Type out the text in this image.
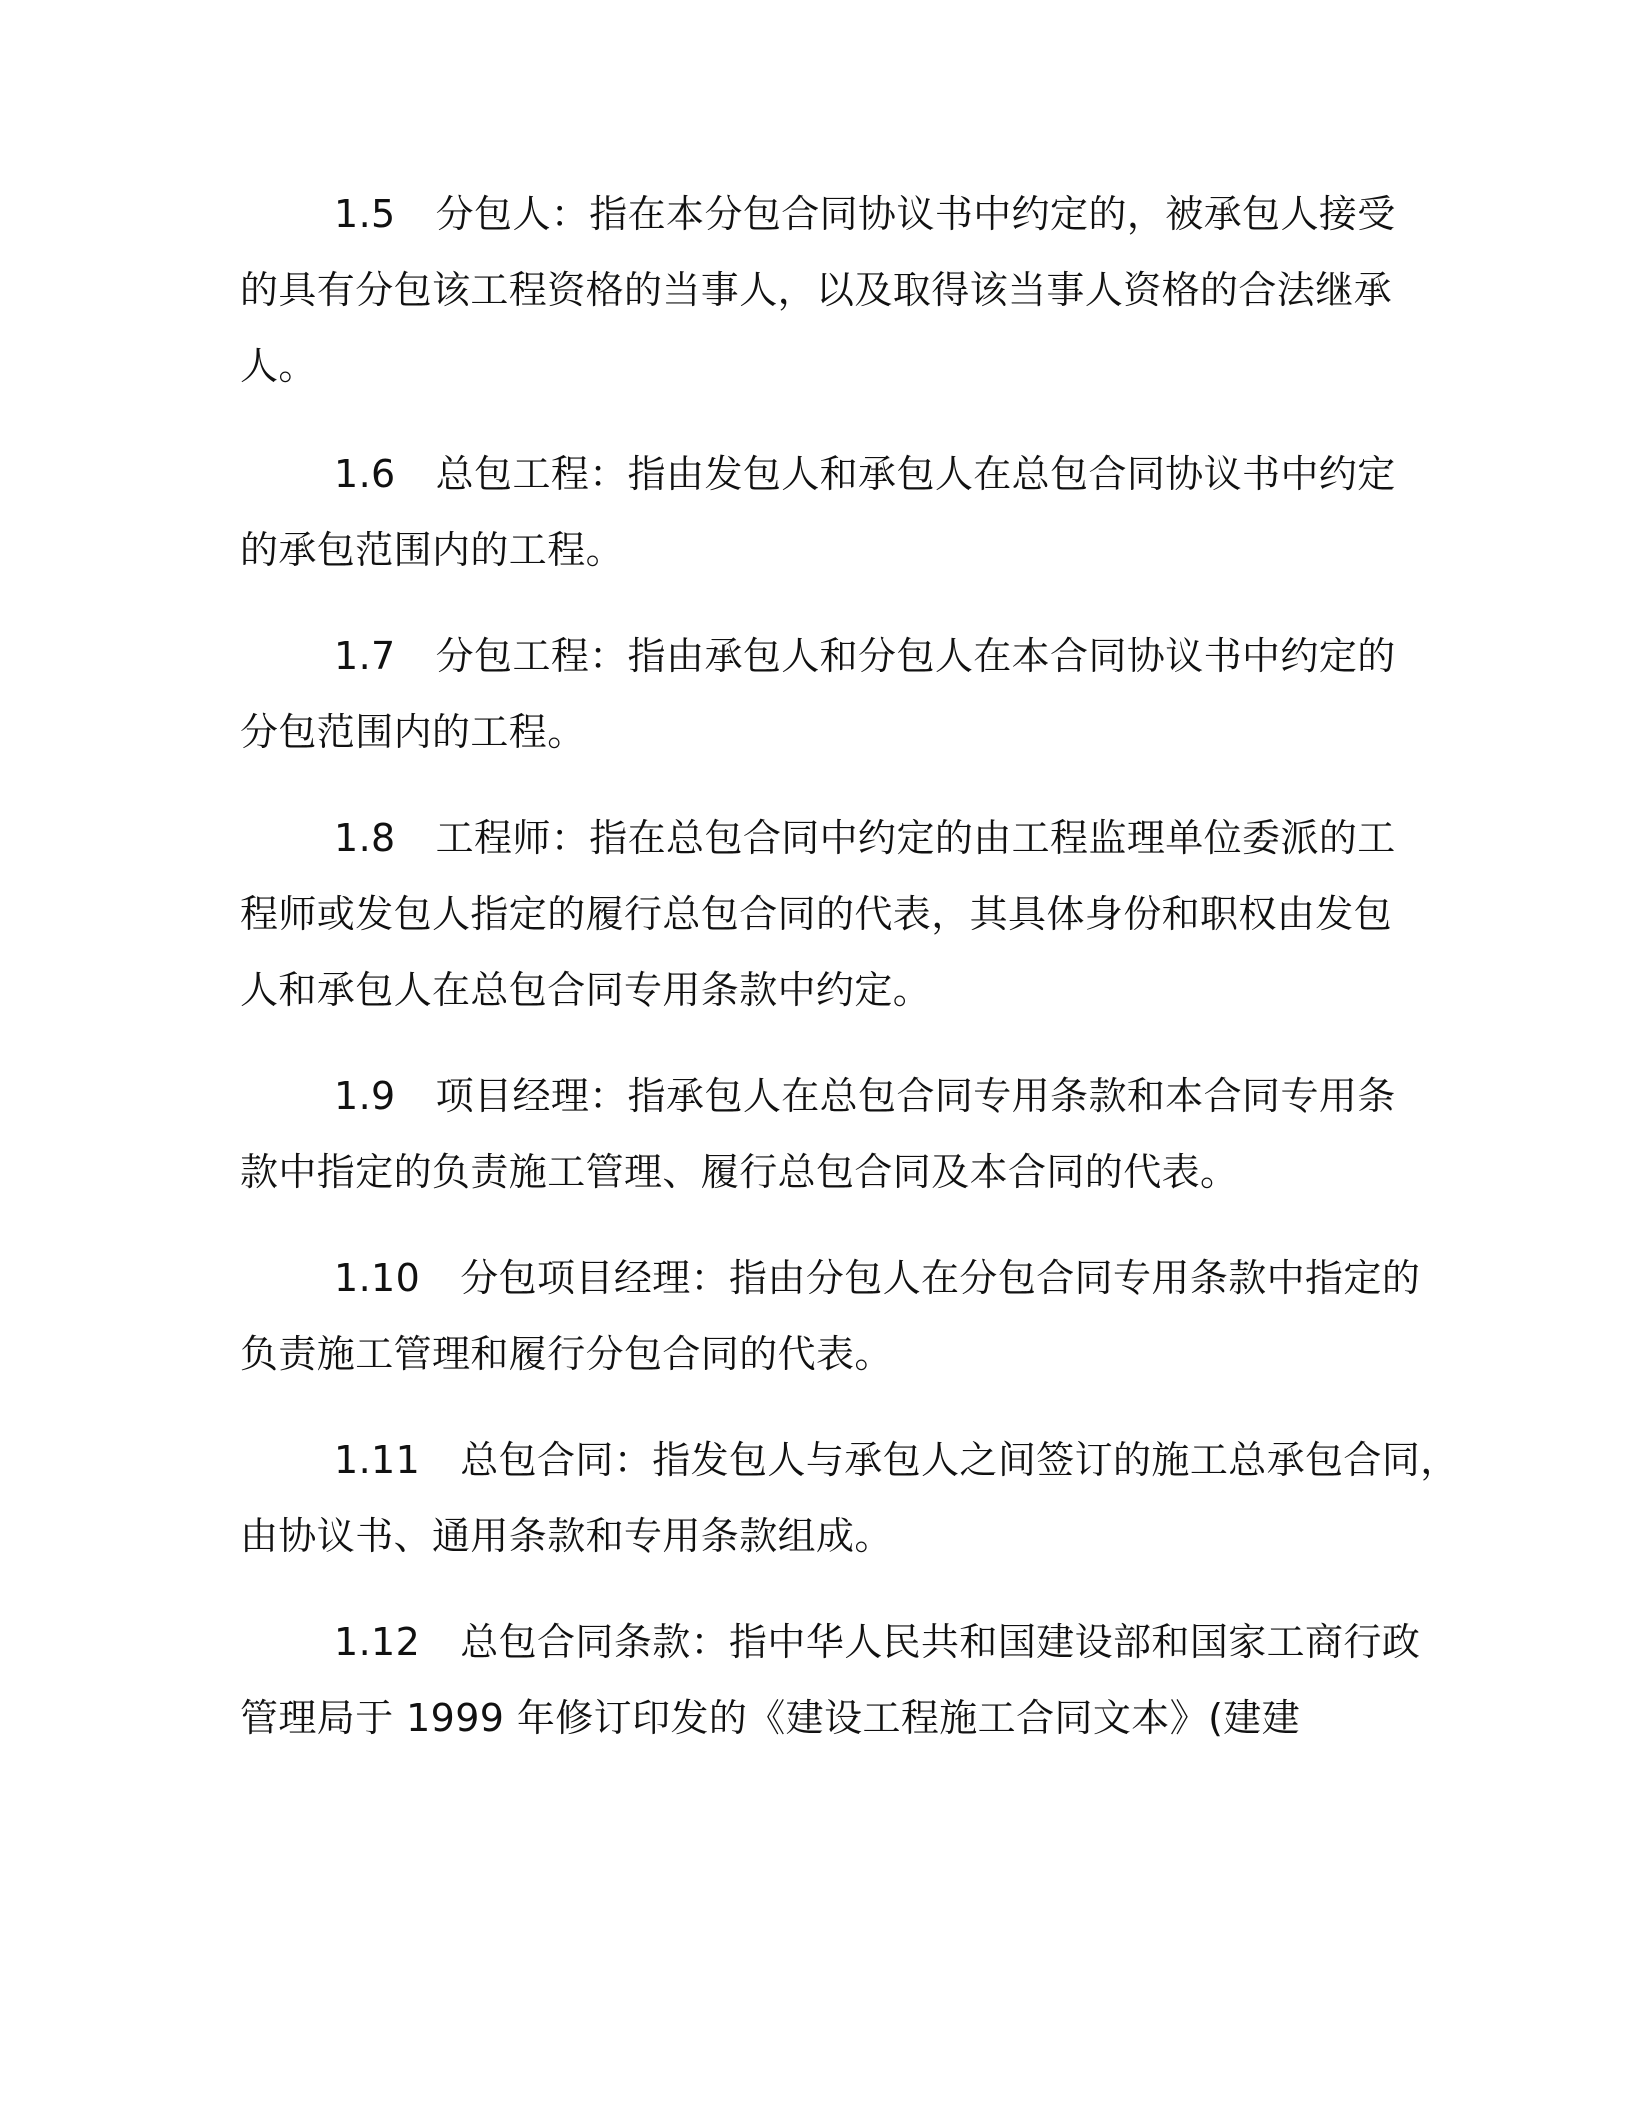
1.5 分包人：指在本分包合同协议书中约定的，被承包人接受
的具有分包该工程资格的当事人，以及取得该当事人资格的合法继承
人。
1.6 总包工程：指由发包人和承包人在总包合同协议书中约定
的承包范围内的工程。
1.7 分包工程：指由承包人和分包人在本合同协议书中约定的
分包范围内的工程。
1.8 工程师：指在总包合同中约定的由工程监理单位委派的工
程师或发包人指定的履行总包合同的代表，其具体身份和职权由发包
人和承包人在总包合同专用条款中约定。
1.9 项目经理：指承包人在总包合同专用条款和本合同专用条
款中指定的负责施工管理、履行总包合同及本合同的代表。
1.10 分包项目经理：指由分包人在分包合同专用条款中指定的
负责施工管理和履行分包合同的代表。
1.11 总包合同：指发包人与承包人之间签订的施工总承包合同，
由协议书、通用条款和专用条款组成。
1.12 总包合同条款：指中华人民共和国建设部和国家工商行政
管理局于 1999 年修订印发的《建设工程施工合同文本》(建建
